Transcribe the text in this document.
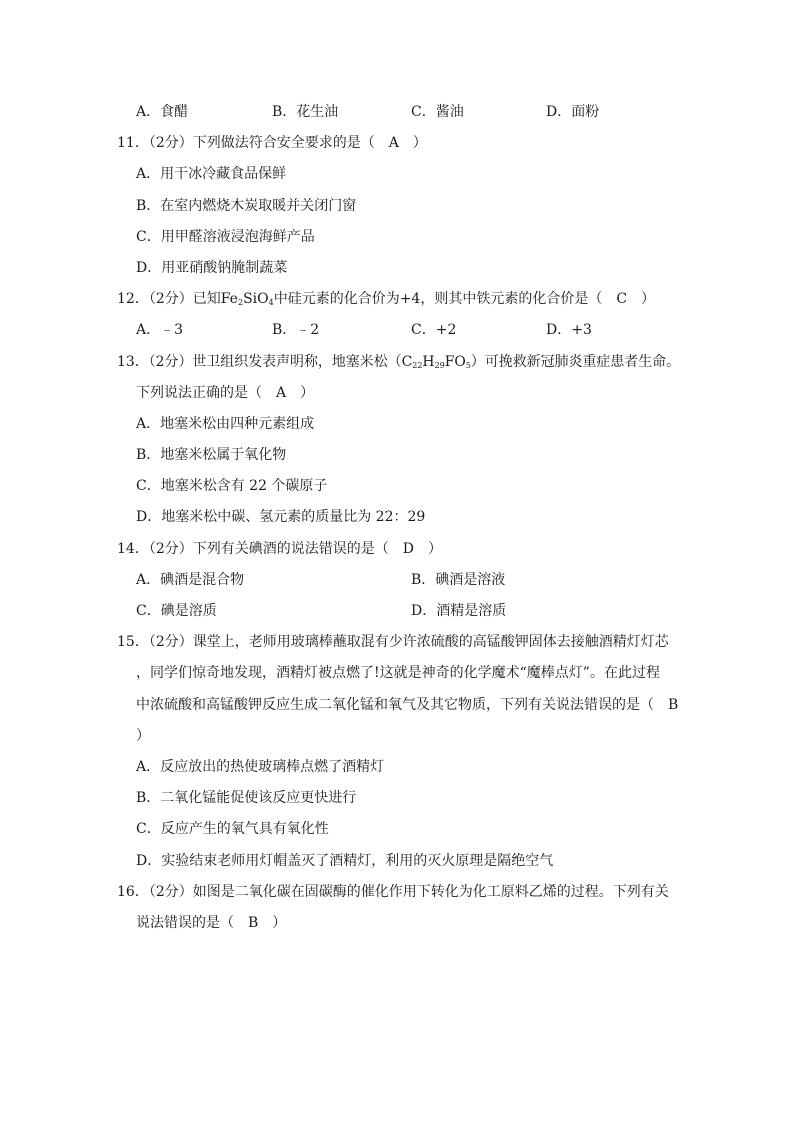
A．食醋	B．花生油	C．酱油	D．面粉
11．（2分）下列做法符合安全要求的是（　A　）
A．用干冰冷藏食品保鲜
B．在室内燃烧木炭取暖并关闭门窗
C．用甲醛溶液浸泡海鲜产品
D．用亚硝酸钠腌制蔬菜
12．（2分）已知$Fe_2SiO_4$中硅元素的化合价为+4，则其中铁元素的化合价是（　C　）
A．﹣3	B．﹣2	C．+2	D．+3
13．（2分）世卫组织发表声明称，地塞米松$(C_{22}H_{29}FO_5)$可挽救新冠肺炎重症患者生命。
下列说法正确的是（　A　）
A．地塞米松由四种元素组成
B．地塞米松属于氧化物
C．地塞米松含有 22 个碳原子
D．地塞米松中碳、氢元素的质量比为 22：29
14．（2分）下列有关碘酒的说法错误的是（　D　）
A．碘酒是混合物	B．碘酒是溶液
C．碘是溶质	D．酒精是溶质
15．（2分）课堂上，老师用玻璃棒蘸取混有少许浓硫酸的高锰酸钾固体去接触酒精灯灯芯
，同学们惊奇地发现，酒精灯被点燃了!这就是神奇的化学魔术“魔棒点灯”。在此过程
中浓硫酸和高锰酸钾反应生成二氧化锰和氧气及其它物质，下列有关说法错误的是（　B
）
A．反应放出的热使玻璃棒点燃了酒精灯
B．二氧化锰能促使该反应更快进行
C．反应产生的氧气具有氧化性
D．实验结束老师用灯帽盖灭了酒精灯，利用的灭火原理是隔绝空气
16．（2分）如图是二氧化碳在固碳酶的催化作用下转化为化工原料乙烯的过程。下列有关
说法错误的是（　B　）
